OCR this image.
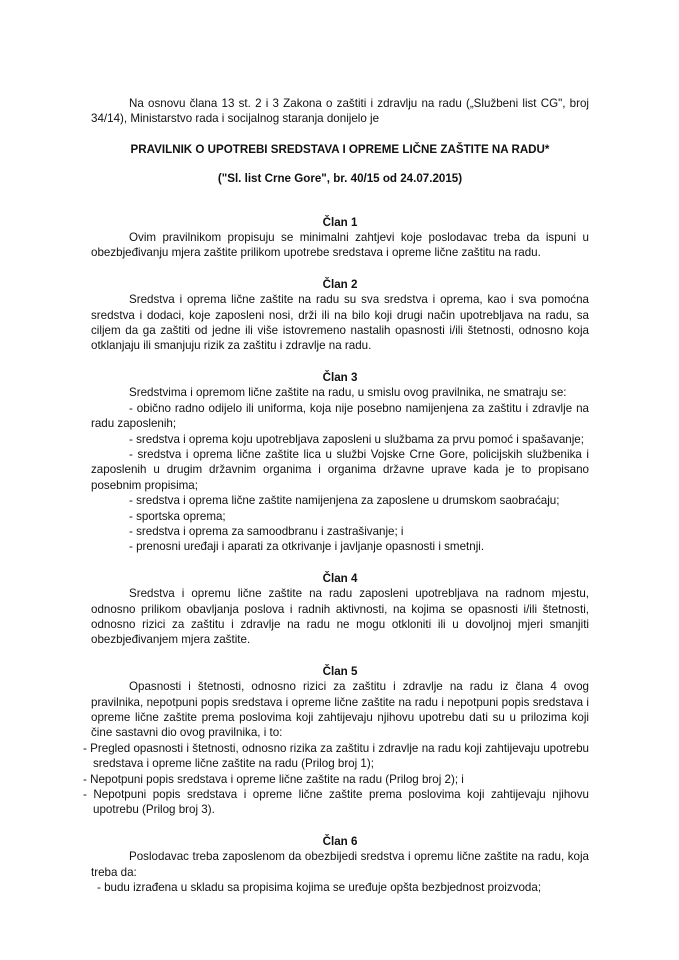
Na osnovu člana 13 st. 2 i 3 Zakona o zaštiti i zdravlju na radu („Službeni list CG", broj 34/14), Ministarstvo rada i socijalnog staranja donijelo je

PRAVILNIK O UPOTREBI SREDSTAVA I OPREME LIČNE ZAŠTITE NA RADU*

("Sl. list Crne Gore", br. 40/15 od 24.07.2015)

Član 1

Ovim pravilnikom propisuju se minimalni zahtjevi koje poslodavac treba da ispuni u obezbjeđivanju mjera zaštite prilikom upotrebe sredstava i opreme lične zaštitu na radu.

Član 2

Sredstva i oprema lične zaštite na radu su sva sredstva i oprema, kao i sva pomoćna sredstva i dodaci, koje zaposleni nosi, drži ili na bilo koji drugi način upotrebljava na radu, sa ciljem da ga zaštiti od jedne ili više istovremeno nastalih opasnosti i/ili štetnosti, odnosno koja otklanjaju ili smanjuju rizik za zaštitu i zdravlje na radu.

Član 3

Sredstvima i opremom lične zaštite na radu, u smislu ovog pravilnika, ne smatraju se:

- obično radno odijelo ili uniforma, koja nije posebno namijenjena za zaštitu i zdravlje na radu zaposlenih;

- sredstva i oprema koju upotrebljava zaposleni u službama za prvu pomoć i spašavanje;

- sredstva i oprema lične zaštite lica u službi Vojske Crne Gore, policijskih službenika i zaposlenih u drugim državnim organima i organima državne uprave kada je to propisano posebnim propisima;

- sredstva i oprema lične zaštite namijenjena za zaposlene u drumskom saobraćaju;

- sportska oprema;

- sredstva i oprema za samoodbranu i zastrašivanje; i

- prenosni uređaji i aparati za otkrivanje i javljanje opasnosti i smetnji.

Član 4

Sredstva i opremu lične zaštite na radu zaposleni upotrebljava na radnom mjestu, odnosno prilikom obavljanja poslova i radnih aktivnosti, na kojima se opasnosti i/ili štetnosti, odnosno rizici za zaštitu i zdravlje na radu ne mogu otkloniti ili u dovoljnoj mjeri smanjiti obezbjeđivanjem mjera zaštite.

Član 5

Opasnosti i štetnosti, odnosno rizici za zaštitu i zdravlje na radu iz člana 4 ovog pravilnika, nepotpuni popis sredstava i opreme lične zaštite na radu i nepotpuni popis sredstava i opreme lične zaštite prema poslovima koji zahtijevaju njihovu upotrebu dati su u prilozima koji čine sastavni dio ovog pravilnika, i to:

- Pregled opasnosti i štetnosti, odnosno rizika za zaštitu i zdravlje na radu koji zahtijevaju upotrebu sredstava i opreme lične zaštite na radu (Prilog broj 1);

- Nepotpuni popis sredstava i opreme lične zaštite na radu (Prilog broj 2); i

- Nepotpuni popis sredstava i opreme lične zaštite prema poslovima koji zahtijevaju njihovu upotrebu (Prilog broj 3).

Član 6

Poslodavac treba zaposlenom da obezbijedi sredstva i opremu lične zaštite na radu, koja treba da:

- budu izrađena u skladu sa propisima kojima se uređuje opšta bezbjednost proizvoda;
